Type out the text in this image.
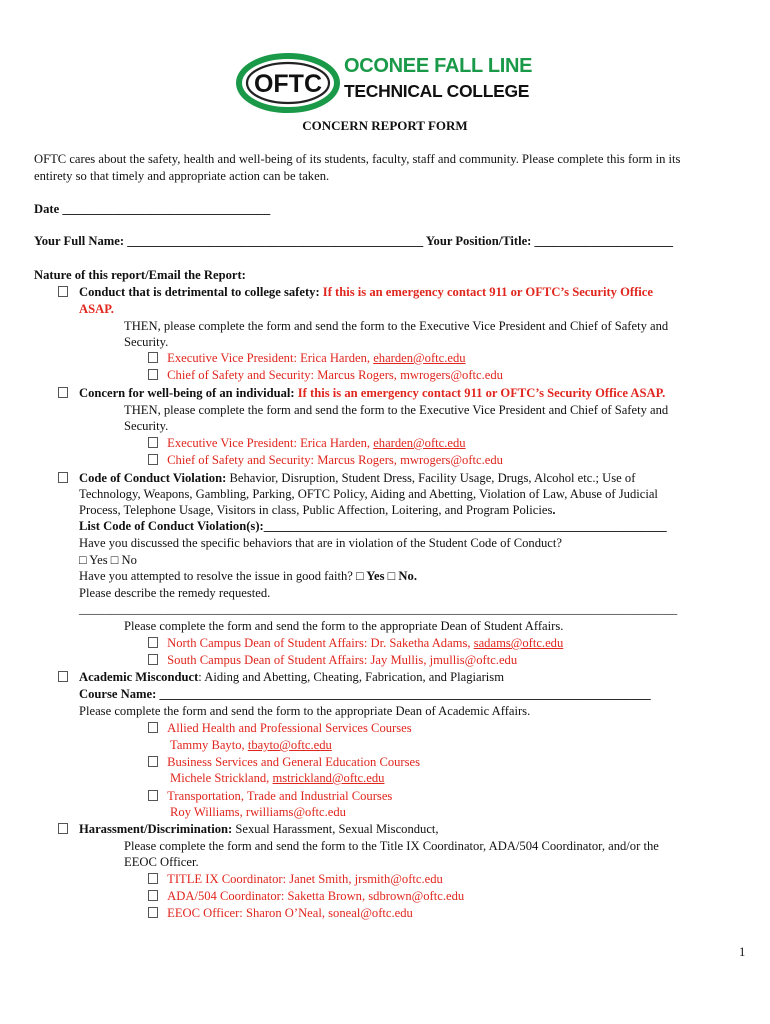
OFTC
OCONEE FALL LINE
TECHNICAL COLLEGE
CONCERN REPORT FORM
OFTC cares about the safety, health and well-being of its students, faculty, staff and community. Please complete this form in its
entirety so that timely and appropriate action can be taken.
Date _________________________________
Your Full Name: _______________________________________________ Your Position/Title: ______________________
Nature of this report/Email the Report:
Conduct that is detrimental to college safety: If this is an emergency contact 911 or OFTC’s Security Office
ASAP.
THEN, please complete the form and send the form to the Executive Vice President and Chief of Safety and
Security.
Executive Vice President: Erica Harden, eharden@oftc.edu
Chief of Safety and Security: Marcus Rogers, mwrogers@oftc.edu
Concern for well-being of an individual: If this is an emergency contact 911 or OFTC’s Security Office ASAP.
THEN, please complete the form and send the form to the Executive Vice President and Chief of Safety and
Security.
Executive Vice President: Erica Harden, eharden@oftc.edu
Chief of Safety and Security: Marcus Rogers, mwrogers@oftc.edu
Code of Conduct Violation: Behavior, Disruption, Student Dress, Facility Usage, Drugs, Alcohol etc.; Use of
Technology, Weapons, Gambling, Parking, OFTC Policy, Aiding and Abetting, Violation of Law, Abuse of Judicial
Process, Telephone Usage, Visitors in class, Public Affection, Loitering, and Program Policies.
List Code of Conduct Violation(s):________________________________________________________________
Have you discussed the specific behaviors that are in violation of the Student Code of Conduct?
□ Yes □ No
Have you attempted to resolve the issue in good faith? □ Yes □ No.
Please describe the remedy requested.
_______________________________________________________________________________________________
Please complete the form and send the form to the appropriate Dean of Student Affairs.
North Campus Dean of Student Affairs: Dr. Saketha Adams, sadams@oftc.edu
South Campus Dean of Student Affairs: Jay Mullis, jmullis@oftc.edu
Academic Misconduct: Aiding and Abetting, Cheating, Fabrication, and Plagiarism
Course Name: ______________________________________________________________________________
Please complete the form and send the form to the appropriate Dean of Academic Affairs.
Allied Health and Professional Services Courses
Tammy Bayto, tbayto@oftc.edu
Business Services and General Education Courses
Michele Strickland, mstrickland@oftc.edu
Transportation, Trade and Industrial Courses
Roy Williams, rwilliams@oftc.edu
Harassment/Discrimination: Sexual Harassment, Sexual Misconduct,
Please complete the form and send the form to the Title IX Coordinator, ADA/504 Coordinator, and/or the
EEOC Officer.
TITLE IX Coordinator: Janet Smith, jrsmith@oftc.edu
ADA/504 Coordinator: Saketta Brown, sdbrown@oftc.edu
EEOC Officer: Sharon O’Neal, soneal@oftc.edu
1
